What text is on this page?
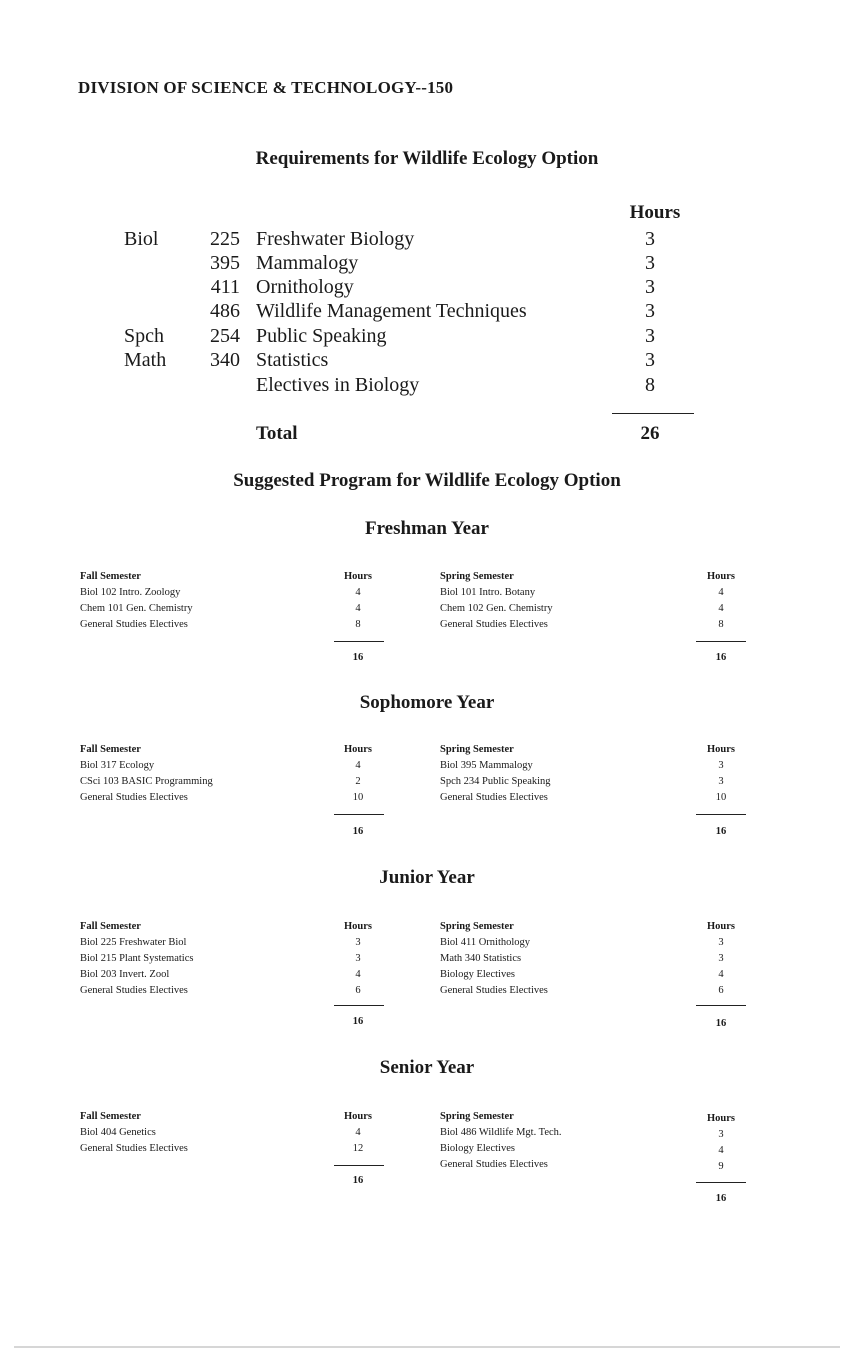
DIVISION OF SCIENCE & TECHNOLOGY--150
Requirements for Wildlife Ecology Option
Hours
Biol	225 Freshwater Biology	3
395 Mammalogy	3
411 Ornithology	3
486 Wildlife Management Techniques	3
Spch	254 Public Speaking	3
Math	340 Statistics	3
Electives in Biology	8
Total	26
Suggested Program for Wildlife Ecology Option
Freshman Year
Fall Semester	Hours	Spring Semester	Hours
Biol 102 Intro. Zoology	4
Chem 101 Gen. Chemistry	4
General Studies Electives	8
Biol 101 Intro. Botany	4
Chem 102 Gen. Chemistry	4
General Studies Electives	8
16	16
Sophomore Year
Fall Semester	Hours	Spring Semester	Hours
Biol 317 Ecology	4
CSci 103 BASIC Programming	2
General Studies Electives	10
Biol 395 Mammalogy	3
Spch 234 Public Speaking	3
General Studies Electives	10
16	16
Junior Year
Fall Semester	Hours	Spring Semester	Hours
Biol 225 Freshwater Biol	3
Biol 215 Plant Systematics	3
Biol 203 Invert. Zool	4
General Studies Electives	6
Biol 411 Ornithology	3
Math 340 Statistics	3
Biology Electives	4
General Studies Electives	6
16	16
Senior Year
Fall Semester	Hours	Spring Semester	Hours
Biol 404 Genetics	4
General Studies Electives	12
Biol 486 Wildlife Mgt. Tech.	3
Biology Electives	4
General Studies Electives	9
16
16
